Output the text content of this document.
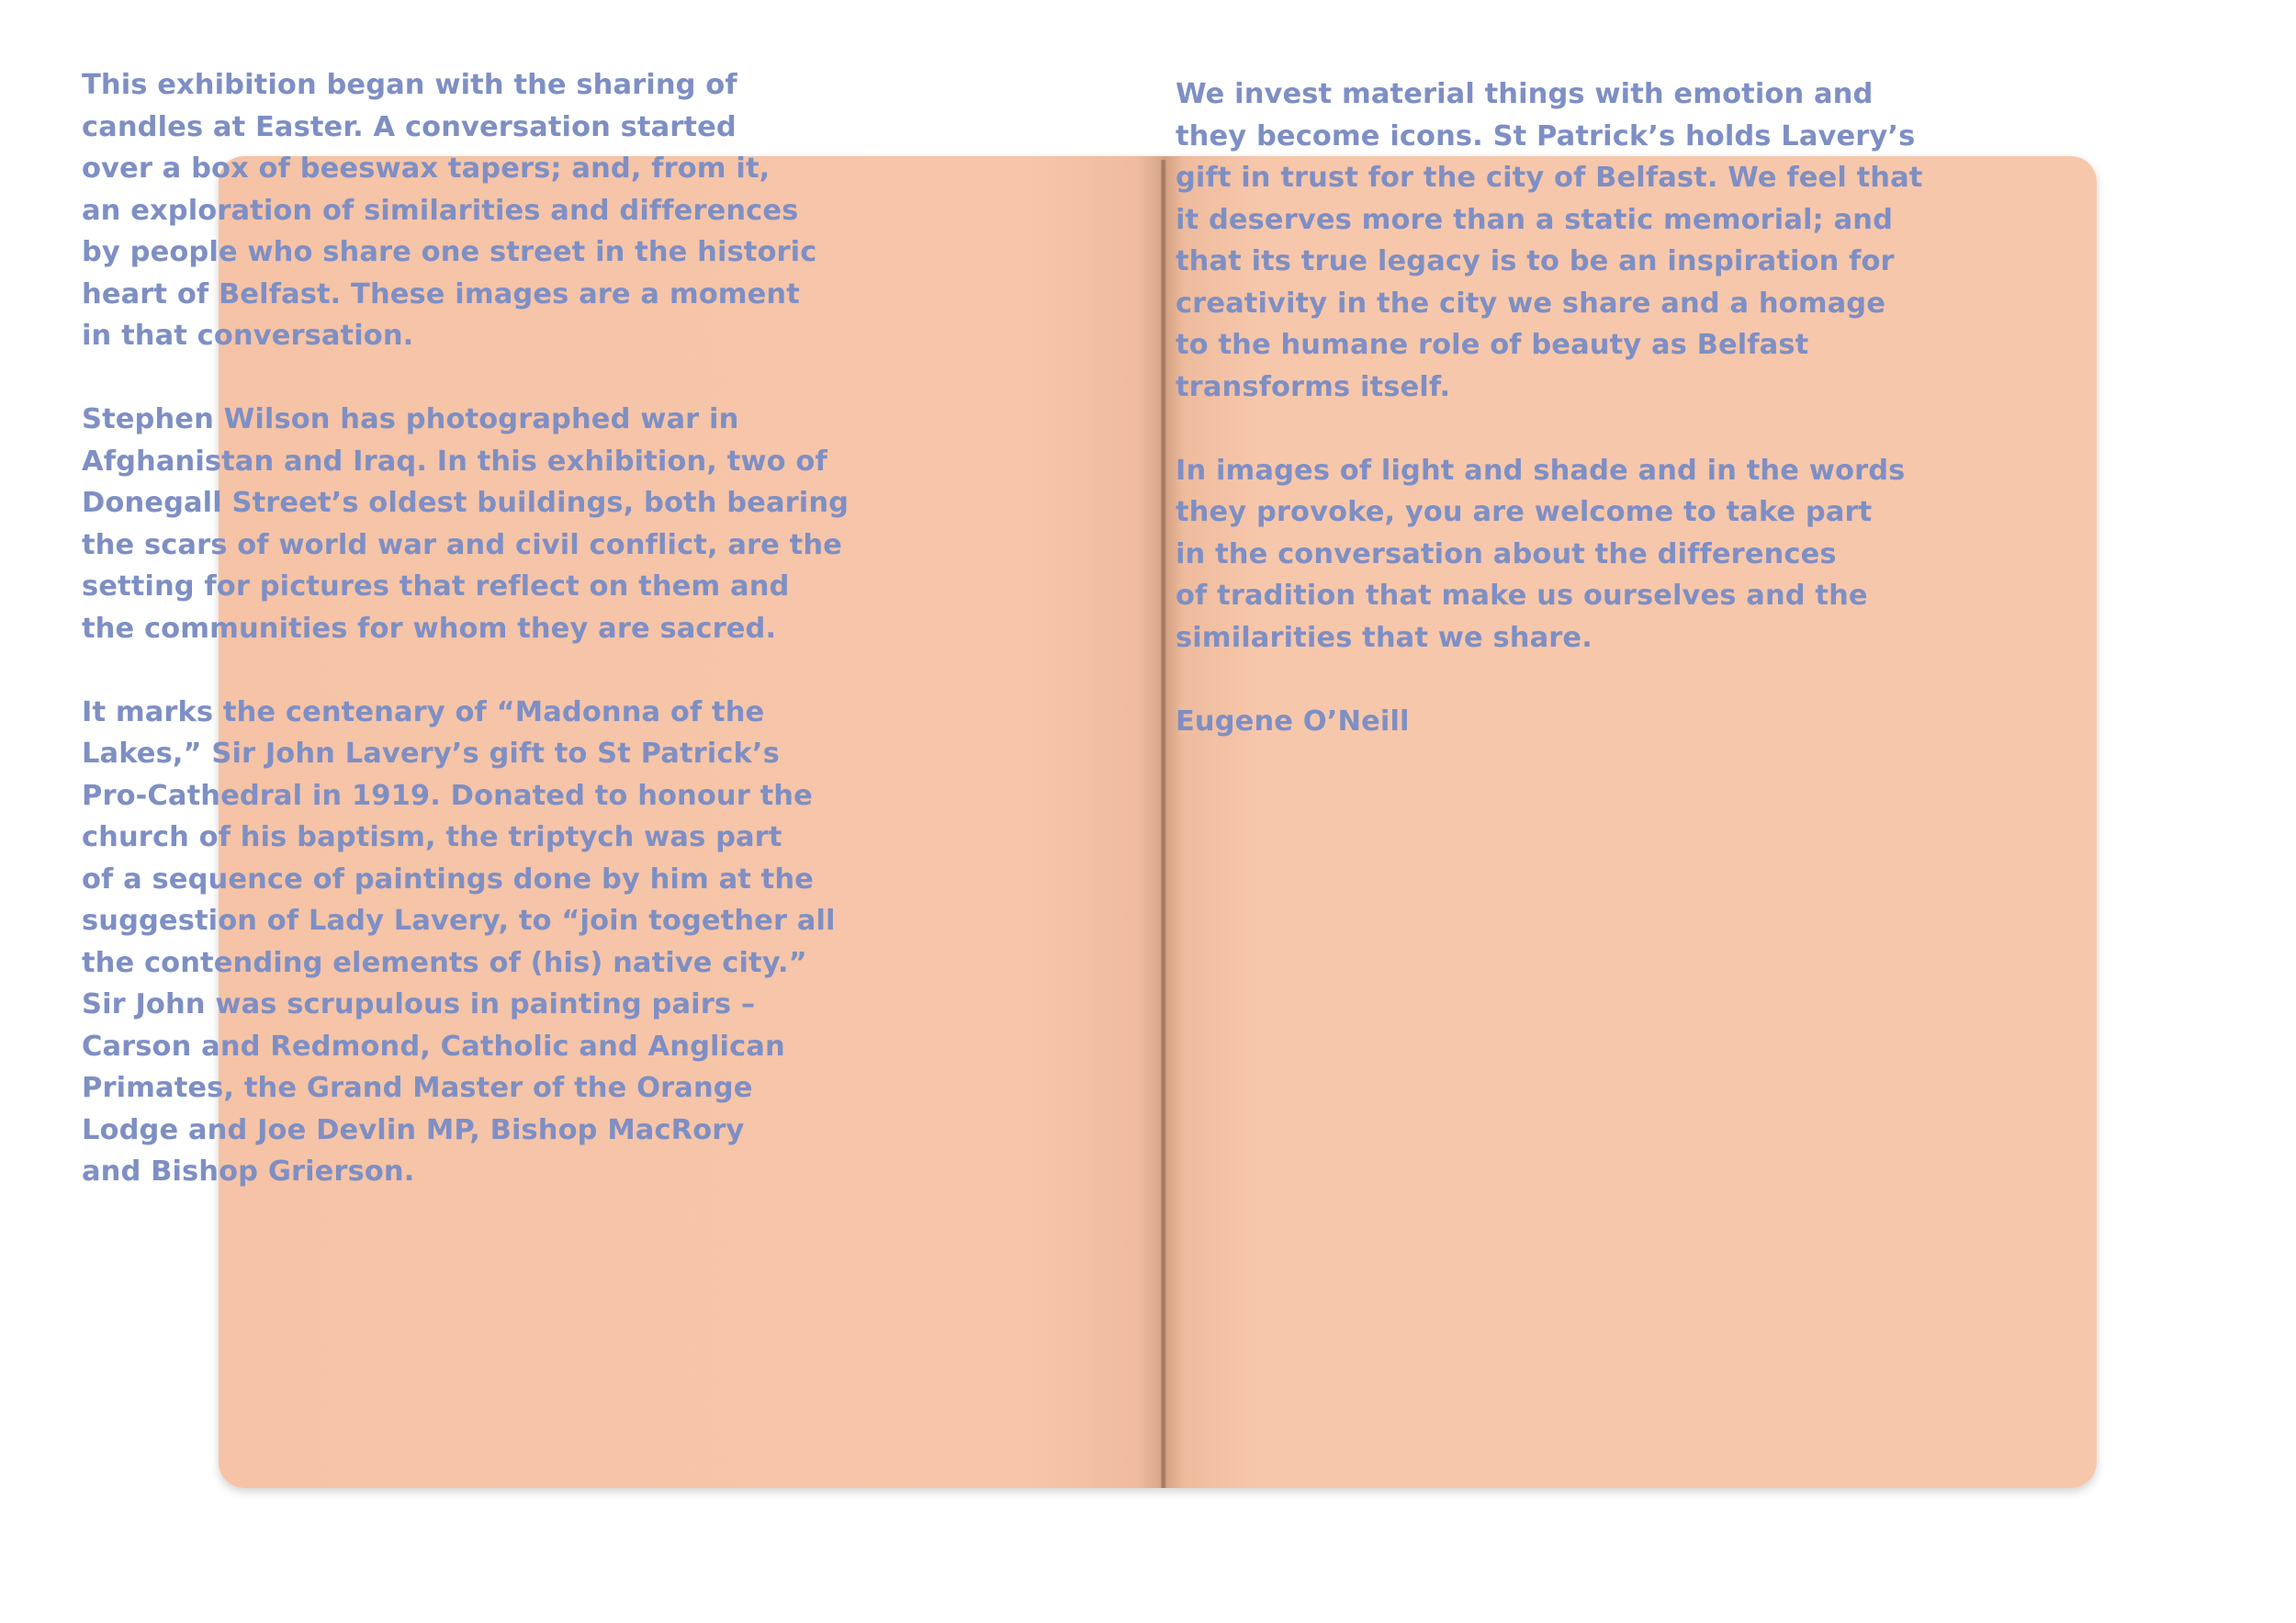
This exhibition began with the sharing of
candles at Easter. A conversation started
over a box of beeswax tapers; and, from it,
an exploration of similarities and differences
by people who share one street in the historic
heart of Belfast. These images are a moment
in that conversation.

Stephen Wilson has photographed war in
Afghanistan and Iraq. In this exhibition, two of
Donegall Street’s oldest buildings, both bearing
the scars of world war and civil conflict, are the
setting for pictures that reflect on them and
the communities for whom they are sacred.

It marks the centenary of “Madonna of the
Lakes,” Sir John Lavery’s gift to St Patrick’s
Pro-Cathedral in 1919. Donated to honour the
church of his baptism, the triptych was part
of a sequence of paintings done by him at the
suggestion of Lady Lavery, to “join together all
the contending elements of (his) native city.”
Sir John was scrupulous in painting pairs –
Carson and Redmond, Catholic and Anglican
Primates, the Grand Master of the Orange
Lodge and Joe Devlin MP, Bishop MacRory
and Bishop Grierson.

We invest material things with emotion and
they become icons. St Patrick’s holds Lavery’s
gift in trust for the city of Belfast. We feel that
it deserves more than a static memorial; and
that its true legacy is to be an inspiration for
creativity in the city we share and a homage
to the humane role of beauty as Belfast
transforms itself.

In images of light and shade and in the words
they provoke, you are welcome to take part
in the conversation about the differences
of tradition that make us ourselves and the
similarities that we share.

Eugene O’Neill
